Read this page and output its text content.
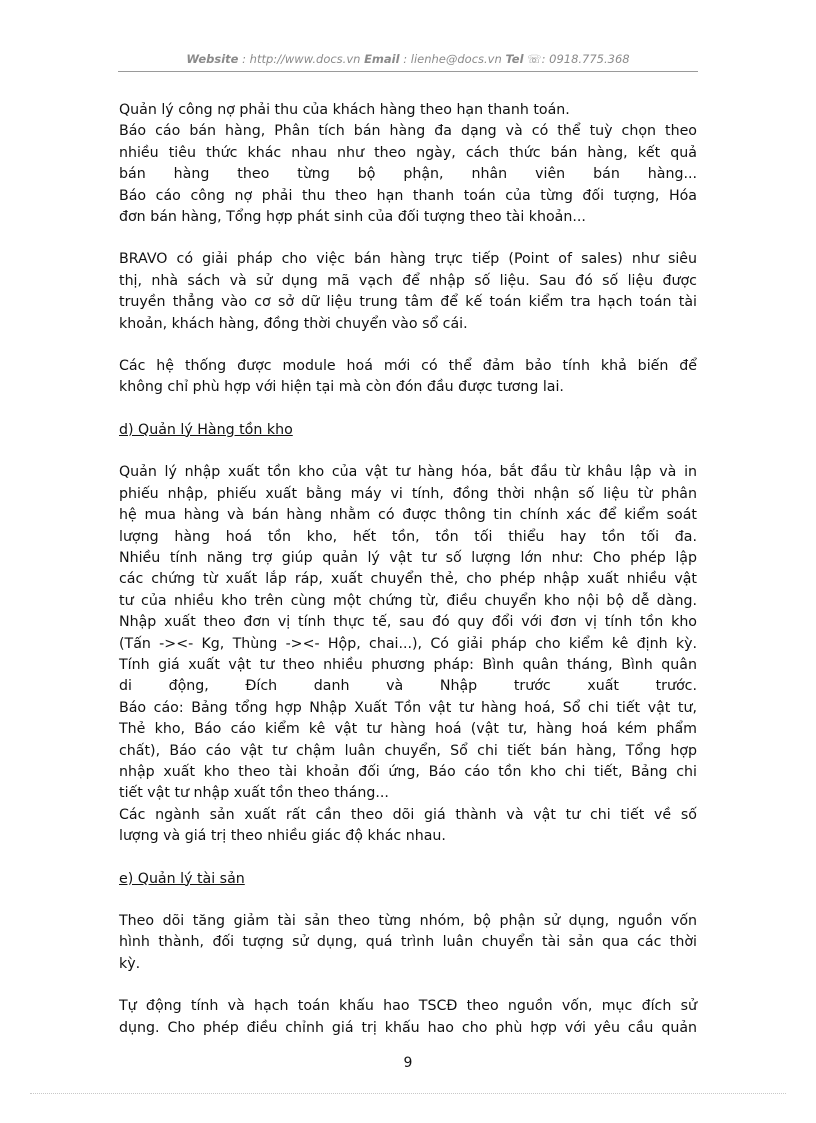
Website : http://www.docs.vn Email : lienhe@docs.vn Tel ☏: 0918.775.368
Quản lý công nợ phải thu của khách hàng theo hạn thanh toán.
Báo cáo bán hàng, Phân tích bán hàng đa dạng và có thể tuỳ chọn theo
nhiều tiêu thức khác nhau như theo ngày, cách thức bán hàng, kết quả
bán hàng theo từng bộ phận, nhân viên bán hàng...
Báo cáo công nợ phải thu theo hạn thanh toán của từng đối tượng, Hóa
đơn bán hàng, Tổng hợp phát sinh của đối tượng theo tài khoản...
BRAVO có giải pháp cho việc bán hàng trực tiếp (Point of sales) như siêu
thị, nhà sách và sử dụng mã vạch để nhập số liệu. Sau đó số liệu được
truyền thẳng vào cơ sở dữ liệu trung tâm để kế toán kiểm tra hạch toán tài
khoản, khách hàng, đồng thời chuyển vào sổ cái.
Các hệ thống được module hoá mới có thể đảm bảo tính khả biến để
không chỉ phù hợp với hiện tại mà còn đón đầu được tương lai.
d) Quản lý Hàng tồn kho
Quản lý nhập xuất tồn kho của vật tư hàng hóa, bắt đầu từ khâu lập và in
phiếu nhập, phiếu xuất bằng máy vi tính, đồng thời nhận số liệu từ phân
hệ mua hàng và bán hàng nhằm có được thông tin chính xác để kiểm soát
lượng hàng hoá tồn kho, hết tồn, tồn tối thiểu hay tồn tối đa.
Nhiều tính năng trợ giúp quản lý vật tư số lượng lớn như: Cho phép lập
các chứng từ xuất lắp ráp, xuất chuyển thẻ, cho phép nhập xuất nhiều vật
tư của nhiều kho trên cùng một chứng từ, điều chuyển kho nội bộ dễ dàng.
Nhập xuất theo đơn vị tính thực tế, sau đó quy đổi với đơn vị tính tồn kho
(Tấn -><- Kg, Thùng -><- Hộp, chai...), Có giải pháp cho kiểm kê định kỳ.
Tính giá xuất vật tư theo nhiều phương pháp: Bình quân tháng, Bình quân
di động, Đích danh và Nhập trước xuất trước.
Báo cáo: Bảng tổng hợp Nhập Xuất Tồn vật tư hàng hoá, Sổ chi tiết vật tư,
Thẻ kho, Báo cáo kiểm kê vật tư hàng hoá (vật tư, hàng hoá kém phẩm
chất), Báo cáo vật tư chậm luân chuyển, Sổ chi tiết bán hàng, Tổng hợp
nhập xuất kho theo tài khoản đối ứng, Báo cáo tồn kho chi tiết, Bảng chi
tiết vật tư nhập xuất tồn theo tháng...
Các ngành sản xuất rất cần theo dõi giá thành và vật tư chi tiết về số
lượng và giá trị theo nhiều giác độ khác nhau.
e) Quản lý tài sản
Theo dõi tăng giảm tài sản theo từng nhóm, bộ phận sử dụng, nguồn vốn
hình thành, đối tượng sử dụng, quá trình luân chuyển tài sản qua các thời
kỳ.
Tự động tính và hạch toán khấu hao TSCĐ theo nguồn vốn, mục đích sử
dụng. Cho phép điều chỉnh giá trị khấu hao cho phù hợp với yêu cầu quản
9
